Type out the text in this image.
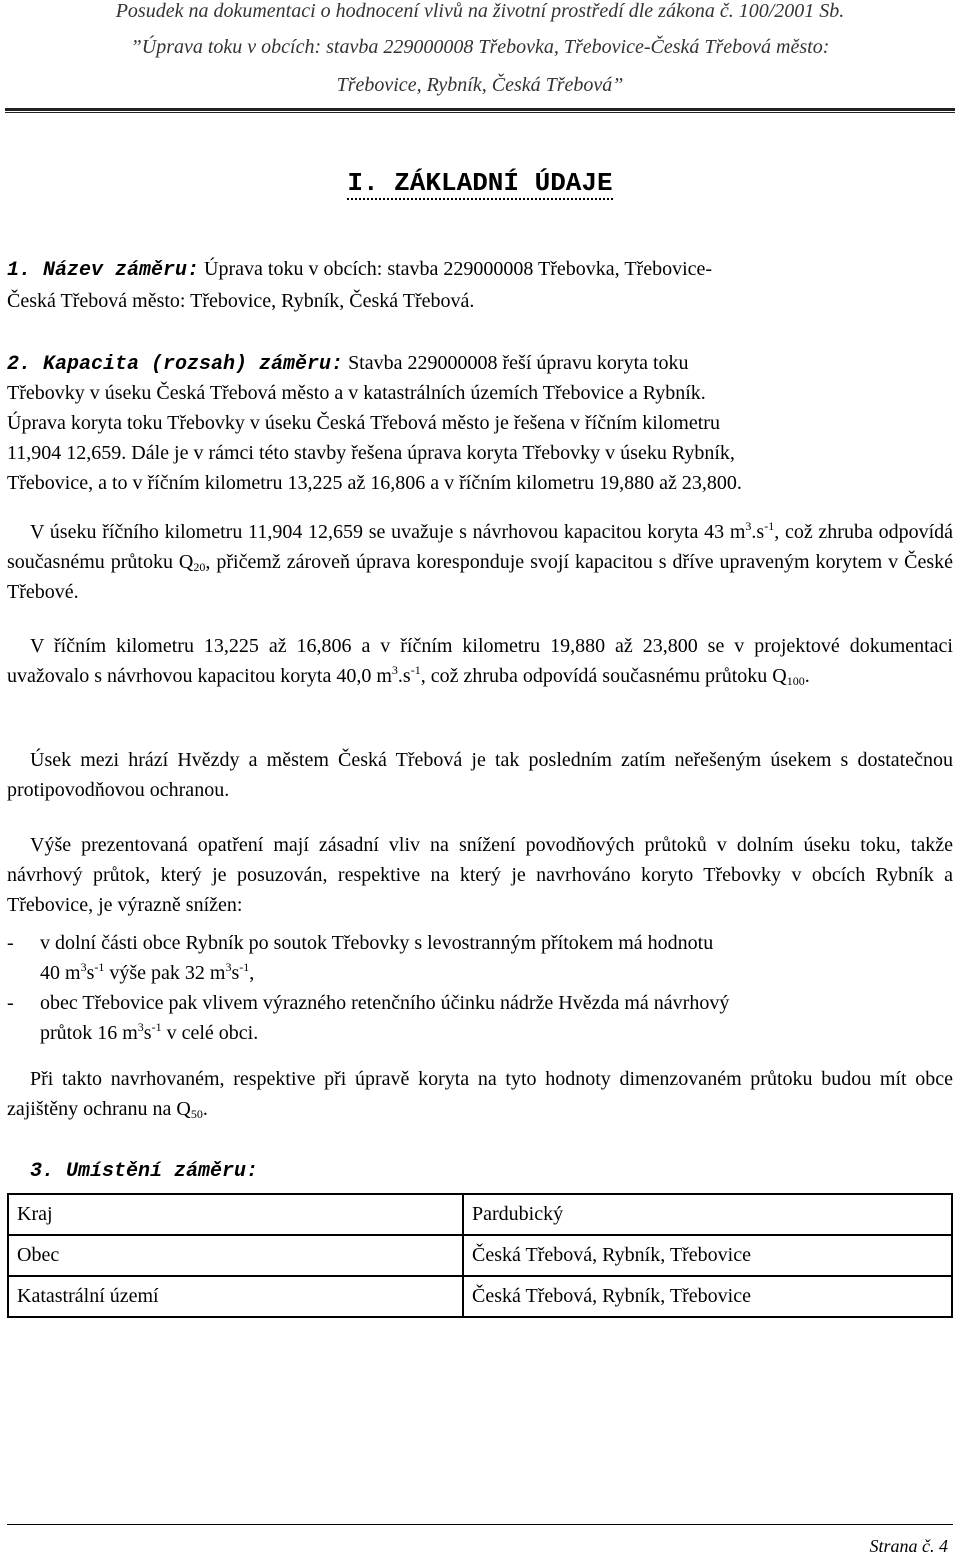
Posudek na dokumentaci o hodnocení vlivů na životní prostředí dle zákona č. 100/2001 Sb.
”Úprava toku v obcích: stavba 229000008 Třebovka, Třebovice-Česká Třebová město:
Třebovice, Rybník, Česká Třebová”
I. ZÁKLADNÍ ÚDAJE
1. Název záměru: Úprava toku v obcích: stavba 229000008 Třebovka, Třebovice-
Česká Třebová město: Třebovice, Rybník, Česká Třebová.
2. Kapacita (rozsah) záměru: Stavba 229000008 řeší úpravu koryta toku
Třebovky v úseku Česká Třebová město a v katastrálních územích Třebovice a Rybník.
Úprava koryta toku Třebovky v úseku Česká Třebová město je řešena v říčním kilometru
11,904 12,659. Dále je v rámci této stavby řešena úprava koryta Třebovky v úseku Rybník,
Třebovice, a to v říčním kilometru 13,225 až 16,806 a v říčním kilometru 19,880 až 23,800.
V úseku říčního kilometru 11,904 12,659 se uvažuje s návrhovou kapacitou koryta 43 $m^3.s^{-1}$, což zhruba odpovídá současnému průtoku $Q_{20}$, přičemž zároveň úprava koresponduje svojí kapacitou s dříve upraveným korytem v České Třebové.
V říčním kilometru 13,225 až 16,806 a v říčním kilometru 19,880 až 23,800 se v projektové dokumentaci uvažovalo s návrhovou kapacitou koryta 40,0 $m^3.s^{-1}$, což zhruba odpovídá současnému průtoku $Q_{100}$.
Úsek mezi hrází Hvězdy a městem Česká Třebová je tak posledním zatím neřešeným úsekem s dostatečnou protipovodňovou ochranou.
Výše prezentovaná opatření mají zásadní vliv na snížení povodňových průtoků v dolním úseku toku, takže návrhový průtok, který je posuzován, respektive na který je navrhováno koryto Třebovky v obcích Rybník a Třebovice, je výrazně snížen:
- v dolní části obce Rybník po soutok Třebovky s levostranným přítokem má hodnotu
40 $m^3s^{-1}$ výše pak 32 $m^3s^{-1}$,
- obec Třebovice pak vlivem výrazného retenčního účinku nádrže Hvězda má návrhový
průtok 16 $m^3s^{-1}$ v celé obci.
Při takto navrhovaném, respektive při úpravě koryta na tyto hodnoty dimenzovaném průtoku budou mít obce zajištěny ochranu na $Q_{50}$.
3. Umístění záměru:
Kraj	Pardubický
Obec	Česká Třebová, Rybník, Třebovice
Katastrální území	Česká Třebová, Rybník, Třebovice
Strana č. 4
